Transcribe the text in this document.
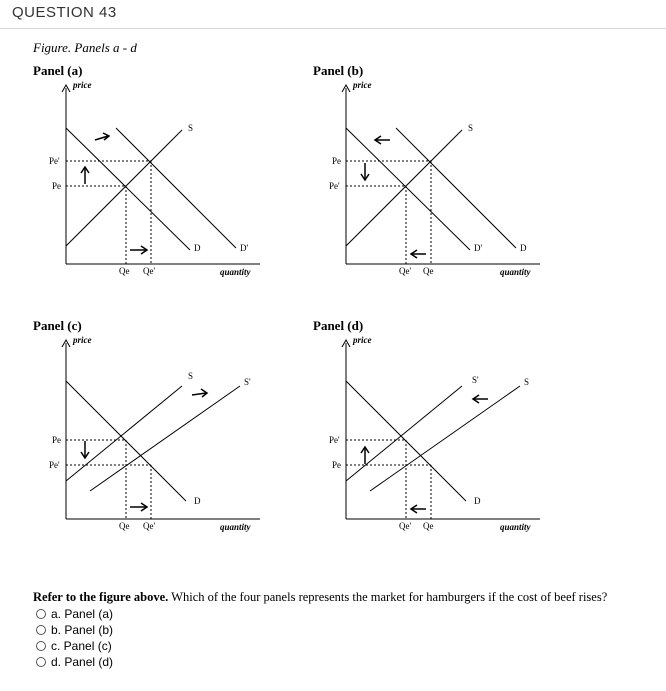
QUESTION 43
Figure. Panels a - d
Panel (a)
price
quantity
S
D	D'
Pe'
Pe
Qe Qe'
Panel (b)
price
quantity
S
D'	D
Pe
Pe'
Qe' Qe
Panel (c)
price
quantity
S
S'
D
Pe
Pe'
Qe Qe'
Panel (d)
price
quantity
S'	S
D
Pe'
Pe
Qe' Qe
Refer to the figure above. Which of the four panels represents the market for hamburgers if the cost of beef rises?
a. Panel (a)
b. Panel (b)
c. Panel (c)
d. Panel (d)
